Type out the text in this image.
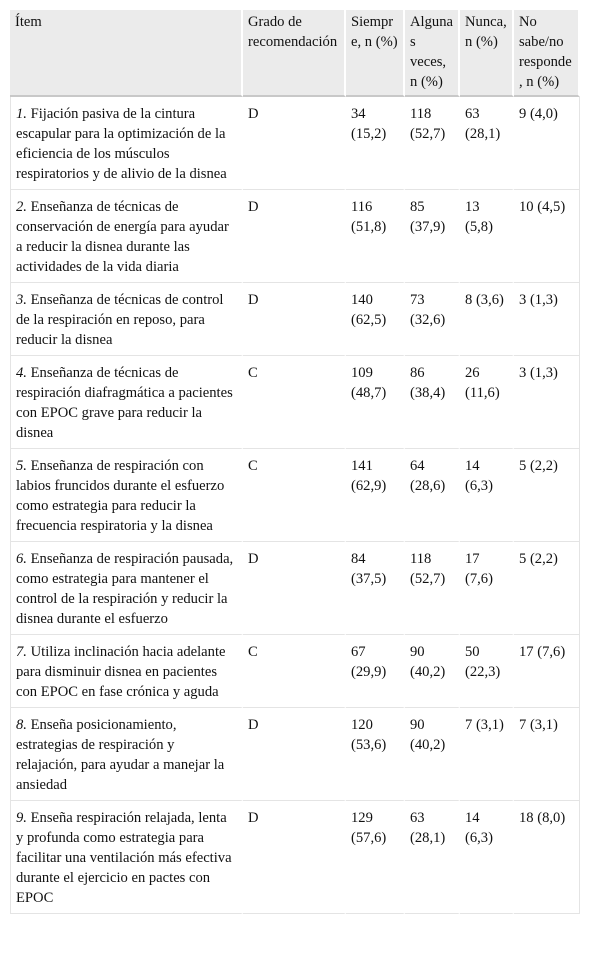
Ítem	Grado de recomendación	Siempre, n (%)	Algunas veces, n (%)	Nunca, n (%)	No sabe/no responde, n (%)
1. Fijación pasiva de la cintura escapular para la optimización de la eficiencia de los músculos respiratorios y de alivio de la disnea	D	34 (15,2)	118 (52,7)	63 (28,1)	9 (4,0)
2. Enseñanza de técnicas de conservación de energía para ayudar a reducir la disnea durante las actividades de la vida diaria	D	116 (51,8)	85 (37,9)	13 (5,8)	10 (4,5)
3. Enseñanza de técnicas de control de la respiración en reposo, para reducir la disnea	D	140 (62,5)	73 (32,6)	8 (3,6)	3 (1,3)
4. Enseñanza de técnicas de respiración diafragmática a pacientes con EPOC grave para reducir la disnea	C	109 (48,7)	86 (38,4)	26 (11,6)	3 (1,3)
5. Enseñanza de respiración con labios fruncidos durante el esfuerzo como estrategia para reducir la frecuencia respiratoria y la disnea	C	141 (62,9)	64 (28,6)	14 (6,3)	5 (2,2)
6. Enseñanza de respiración pausada, como estrategia para mantener el control de la respiración y reducir la disnea durante el esfuerzo	D	84 (37,5)	118 (52,7)	17 (7,6)	5 (2,2)
7. Utiliza inclinación hacia adelante para disminuir disnea en pacientes con EPOC en fase crónica y aguda	C	67 (29,9)	90 (40,2)	50 (22,3)	17 (7,6)
8. Enseña posicionamiento, estrategias de respiración y relajación, para ayudar a manejar la ansiedad	D	120 (53,6)	90 (40,2)	7 (3,1)	7 (3,1)
9. Enseña respiración relajada, lenta y profunda como estrategia para facilitar una ventilación más efectiva durante el ejercicio en pactes con EPOC	D	129 (57,6)	63 (28,1)	14 (6,3)	18 (8,0)
